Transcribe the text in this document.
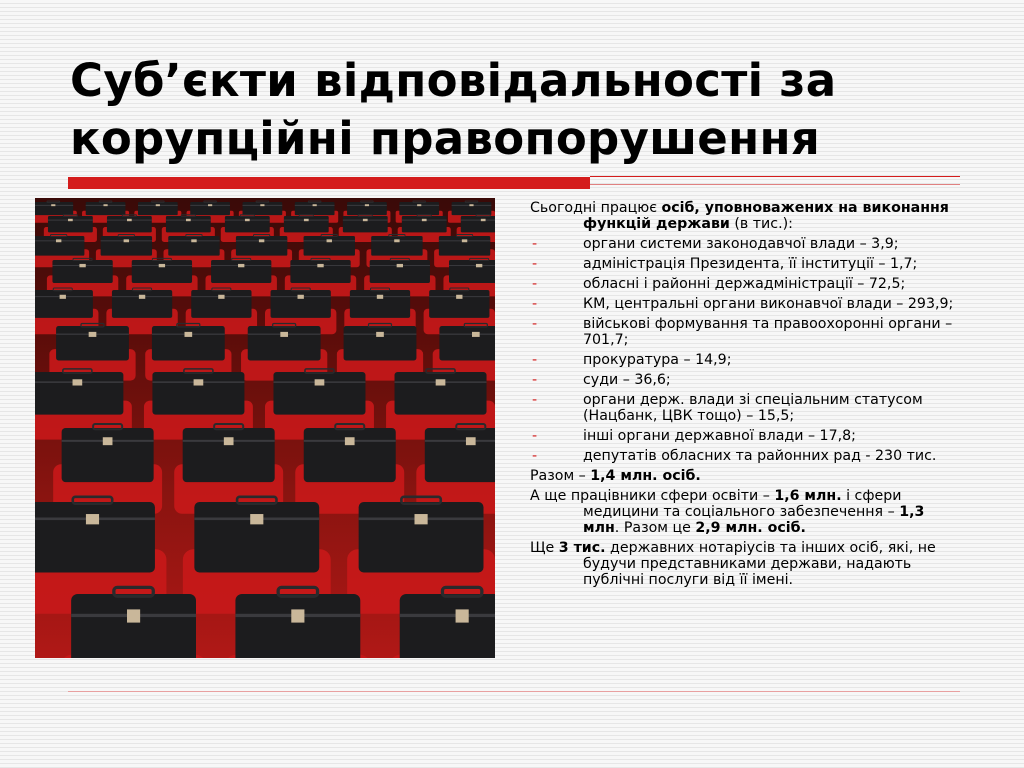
Суб’єкти відповідальності за
корупційні правопорушення
Сьогодні працює осіб, уповноважених на виконання функцій держави (в тис.):
-	органи системи законодавчої влади – 3,9;
-	адміністрація Президента, її інституції – 1,7;
-	обласні і районні держадміністрації – 72,5;
-	КМ, центральні органи виконавчої влади – 293,9;
-	військові формування та правоохоронні органи – 701,7;
-	прокуратура – 14,9;
-	суди – 36,6;
-	органи держ. влади зі спеціальним статусом (Нацбанк, ЦВК тощо) – 15,5;
-	інші органи державної влади – 17,8;
-	депутатів обласних та районних рад - 230 тис.
Разом – 1,4 млн. осіб.
А ще працівники сфери освіти – 1,6 млн. і сфери медицини та соціального забезпечення – 1,3 млн. Разом це 2,9 млн. осіб.
Ще 3 тис. державних нотаріусів та інших осіб, які, не будучи представниками держави, надають публічні послуги від її імені.
